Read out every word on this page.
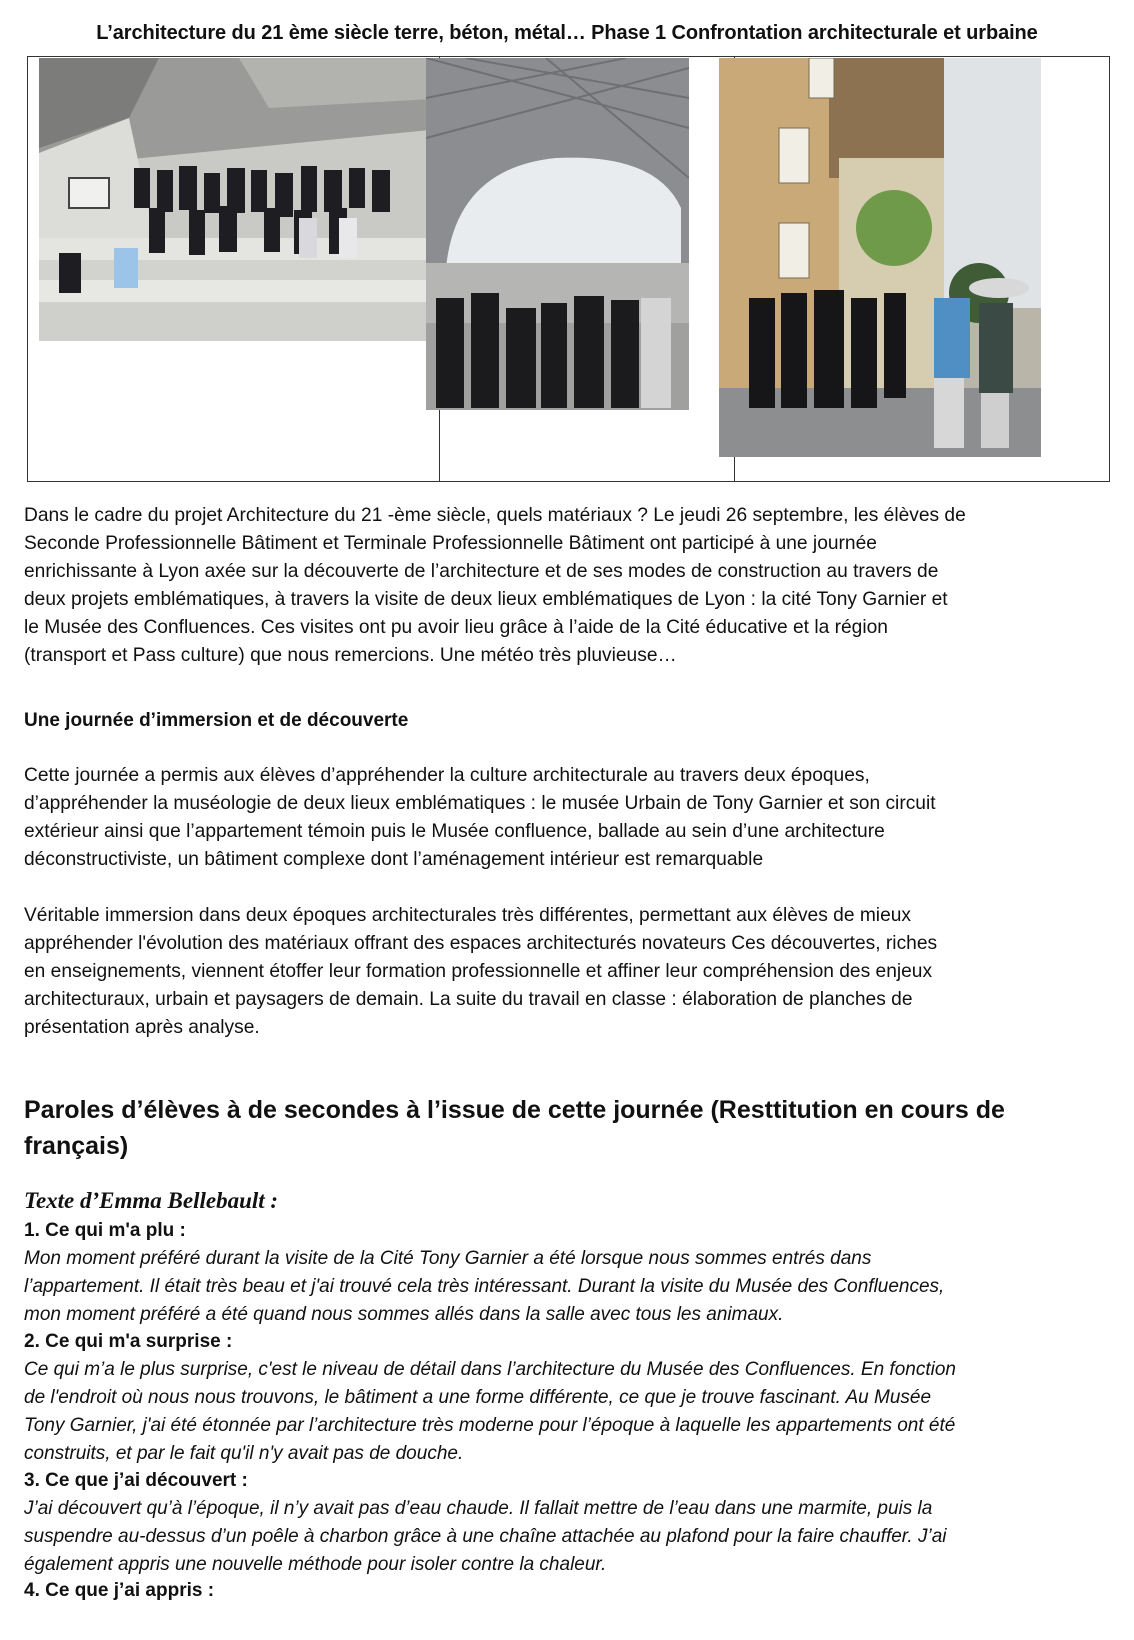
L’architecture du 21 ème siècle terre, béton, métal… Phase 1 Confrontation architecturale et urbaine

Dans le cadre du projet Architecture du 21 -ème siècle, quels matériaux ? Le jeudi 26 septembre, les élèves de
Seconde Professionnelle Bâtiment et Terminale Professionnelle Bâtiment ont participé à une journée
enrichissante à Lyon axée sur la découverte de l’architecture et de ses modes de construction au travers de
deux projets emblématiques, à travers la visite de deux lieux emblématiques de Lyon : la cité Tony Garnier et
le Musée des Confluences. Ces visites ont pu avoir lieu grâce à l’aide de la Cité éducative et la région
(transport et Pass culture) que nous remercions. Une météo très pluvieuse…

Une journée d’immersion et de découverte

Cette journée a permis aux élèves d’appréhender la culture architecturale au travers deux époques,
d’appréhender la muséologie de deux lieux emblématiques : le musée Urbain de Tony Garnier et son circuit
extérieur ainsi que l’appartement témoin puis le Musée confluence, ballade au sein d’une architecture
déconstructiviste, un bâtiment complexe dont l’aménagement intérieur est remarquable

Véritable immersion dans deux époques architecturales très différentes, permettant aux élèves de mieux
appréhender l'évolution des matériaux offrant des espaces architecturés novateurs Ces découvertes, riches
en enseignements, viennent étoffer leur formation professionnelle et affiner leur compréhension des enjeux
architecturaux, urbain et paysagers de demain. La suite du travail en classe : élaboration de planches de
présentation après analyse.

Paroles d’élèves à de secondes à l’issue de cette journée (Resttitution en cours de
français)

Texte d’Emma Bellebault :

1. Ce qui m'a plu :

Mon moment préféré durant la visite de la Cité Tony Garnier a été lorsque nous sommes entrés dans
l’appartement. Il était très beau et j'ai trouvé cela très intéressant. Durant la visite du Musée des Confluences,
mon moment préféré a été quand nous sommes allés dans la salle avec tous les animaux.

2. Ce qui m'a surprise :

Ce qui m’a le plus surprise, c'est le niveau de détail dans l’architecture du Musée des Confluences. En fonction
de l'endroit où nous nous trouvons, le bâtiment a une forme différente, ce que je trouve fascinant. Au Musée
Tony Garnier, j'ai été étonnée par l’architecture très moderne pour l’époque à laquelle les appartements ont été
construits, et par le fait qu'il n'y avait pas de douche.

3. Ce que j’ai découvert :

J’ai découvert qu’à l’époque, il n’y avait pas d’eau chaude. Il fallait mettre de l’eau dans une marmite, puis la
suspendre au-dessus d’un poêle à charbon grâce à une chaîne attachée au plafond pour la faire chauffer. J’ai
également appris une nouvelle méthode pour isoler contre la chaleur.

4. Ce que j’ai appris :
